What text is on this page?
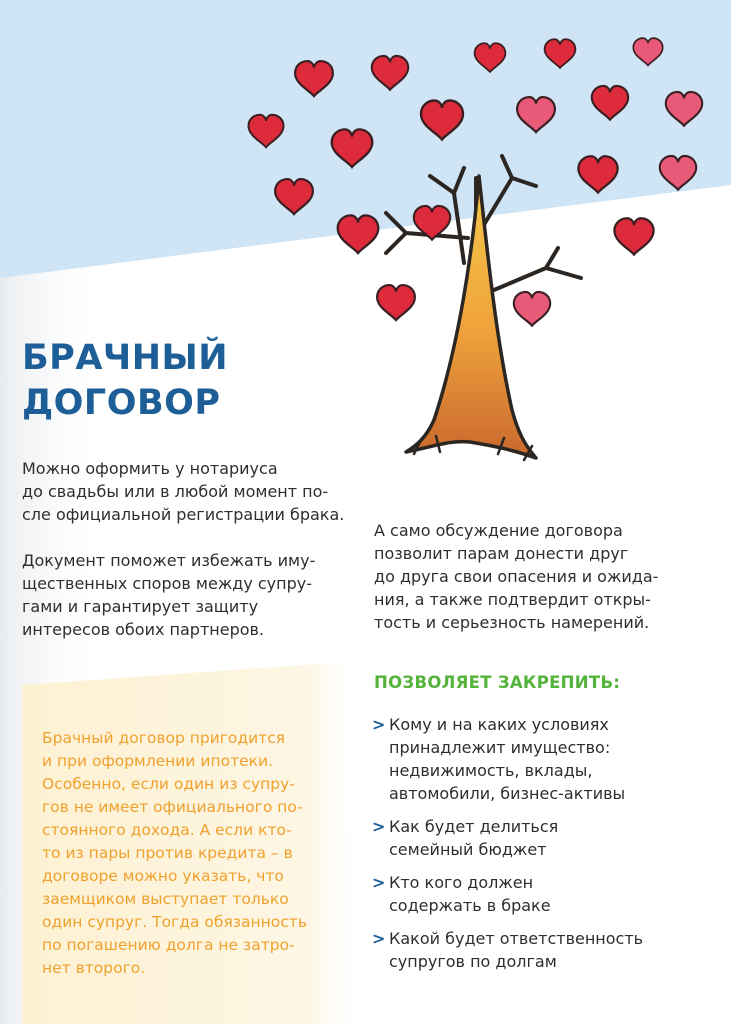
БРАЧНЫЙ
ДОГОВОР

Можно оформить у нотариуса
до свадьбы или в любой момент по-
сле официальной регистрации брака.

Документ поможет избежать иму-
щественных споров между супру-
гами и гарантирует защиту
интересов обоих партнеров.

А само обсуждение договора
позволит парам донести друг
до друга свои опасения и ожида-
ния, а также подтвердит откры-
тость и серьезность намерений.

Брачный договор пригодится
и при оформлении ипотеки.
Особенно, если один из супру-
гов не имеет официального по-
стоянного дохода. А если кто-
то из пары против кредита – в
договоре можно указать, что
заемщиком выступает только
один супруг. Тогда обязанность
по погашению долга не затро-
нет второго.

ПОЗВОЛЯЕТ ЗАКРЕПИТЬ:
> Кому и на каких условиях
принадлежит имущество:
недвижимость, вклады,
автомобили, бизнес-активы
> Как будет делиться
семейный бюджет
> Кто кого должен
содержать в браке
> Какой будет ответственность
супругов по долгам
